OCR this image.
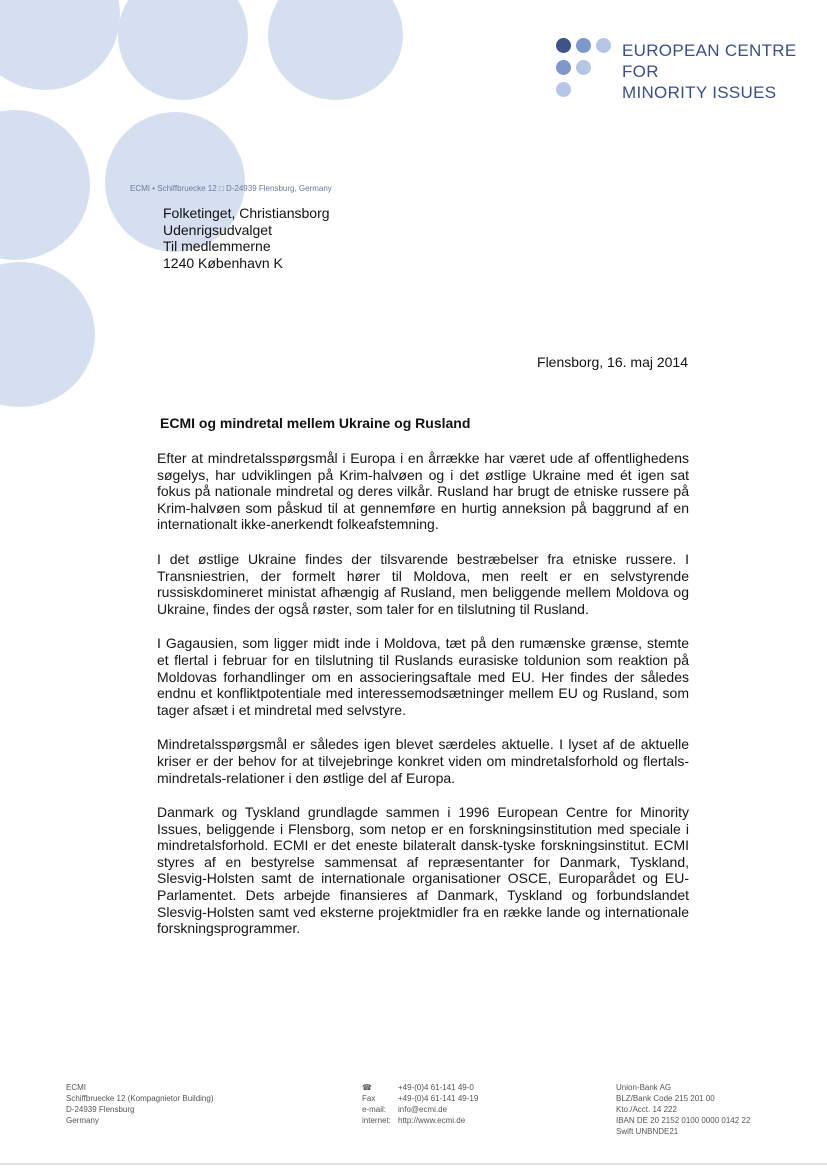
EUROPEAN CENTRE
FOR
MINORITY ISSUES
ECMI • Schiffbruecke 12 □ D-24939 Flensburg, Germany
Folketinget, Christiansborg
Udenrigsudvalget
Til medlemmerne
1240 København K
Flensborg, 16. maj 2014
ECMI og mindretal mellem Ukraine og Rusland

Efter at mindretalsspørgsmål i Europa i en årrække har været ude af offentlighedens søgelys, har udviklingen på Krim-halvøen og i det østlige Ukraine med ét igen sat fokus på nationale mindretal og deres vilkår. Rusland har brugt de etniske russere på Krim-halvøen som påskud til at gennemføre en hurtig anneksion på baggrund af en internationalt ikke-anerkendt folkeafstemning.

I det østlige Ukraine findes der tilsvarende bestræbelser fra etniske russere. I Transniestrien, der formelt hører til Moldova, men reelt er en selvstyrende russiskdomineret ministat afhængig af Rusland, men beliggende mellem Moldova og Ukraine, findes der også røster, som taler for en tilslutning til Rusland.

I Gagausien, som ligger midt inde i Moldova, tæt på den rumænske grænse, stemte et flertal i februar for en tilslutning til Ruslands eurasiske toldunion som reaktion på Moldovas forhandlinger om en associeringsaftale med EU. Her findes der således endnu et konfliktpotentiale med interessemodsætninger mellem EU og Rusland, som tager afsæt i et mindretal med selvstyre.

Mindretalsspørgsmål er således igen blevet særdeles aktuelle. I lyset af de aktuelle kriser er der behov for at tilvejebringe konkret viden om mindretalsforhold og flertals-mindretals-relationer i den østlige del af Europa.

Danmark og Tyskland grundlagde sammen i 1996 European Centre for Minority Issues, beliggende i Flensborg, som netop er en forskningsinstitution med speciale i mindretalsforhold. ECMI er det eneste bilateralt dansk-tyske forskningsinstitut. ECMI styres af en bestyrelse sammensat af repræsentanter for Danmark, Tyskland, Slesvig-Holsten samt de internationale organisationer OSCE, Europarådet og EU-Parlamentet. Dets arbejde finansieres af Danmark, Tyskland og forbundslandet Slesvig-Holsten samt ved eksterne projektmidler fra en række lande og internationale forskningsprogrammer.

ECMI
Schiffbruecke 12 (Kompagnietor Building)
D-24939 Flensburg
Germany
☎	+49-(0)4 61-141 49-0
Fax	+49-(0)4 61-141 49-19
e-mail:	info@ecmi.de
internet: http://www.ecmi.de
Union-Bank AG
BLZ/Bank Code 215 201 00
Kto./Acct. 14 222
IBAN DE 20 2152 0100 0000 0142 22
Swift UNBNDE21
